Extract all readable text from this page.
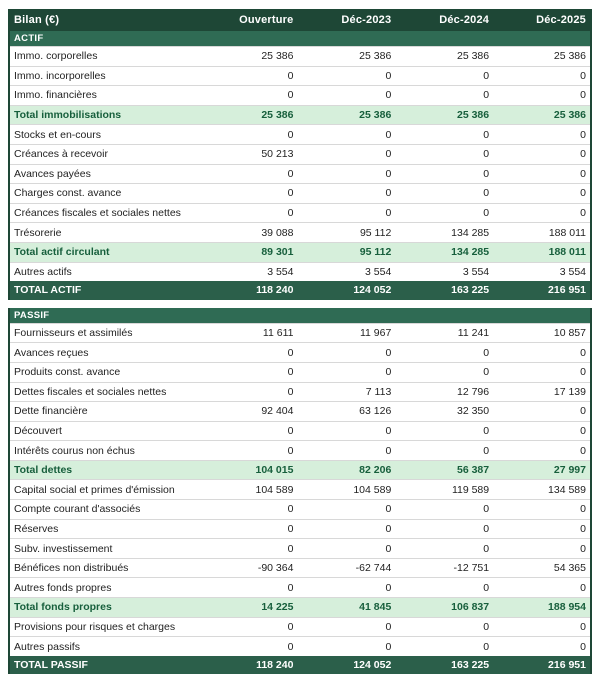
Bilan (€)	Ouverture	Déc-2023	Déc-2024	Déc-2025
ACTIF				
Immo. corporelles	25 386	25 386	25 386	25 386
Immo. incorporelles	0	0	0	0
Immo. financières	0	0	0	0
Total immobilisations	25 386	25 386	25 386	25 386
Stocks et en-cours	0	0	0	0
Créances à recevoir	50 213	0	0	0
Avances payées	0	0	0	0
Charges const. avance	0	0	0	0
Créances fiscales et sociales nettes	0	0	0	0
Trésorerie	39 088	95 112	134 285	188 011
Total actif circulant	89 301	95 112	134 285	188 011
Autres actifs	3 554	3 554	3 554	3 554
TOTAL ACTIF	118 240	124 052	163 225	216 951
PASSIF				
Fournisseurs et assimilés	11 611	11 967	11 241	10 857
Avances reçues	0	0	0	0
Produits const. avance	0	0	0	0
Dettes fiscales et sociales nettes	0	7 113	12 796	17 139
Dette financière	92 404	63 126	32 350	0
Découvert	0	0	0	0
Intérêts courus non échus	0	0	0	0
Total dettes	104 015	82 206	56 387	27 997
Capital social et primes d'émission	104 589	104 589	119 589	134 589
Compte courant d'associés	0	0	0	0
Réserves	0	0	0	0
Subv. investissement	0	0	0	0
Bénéfices non distribués	-90 364	-62 744	-12 751	54 365
Autres fonds propres	0	0	0	0
Total fonds propres	14 225	41 845	106 837	188 954
Provisions pour risques et charges	0	0	0	0
Autres passifs	0	0	0	0
TOTAL PASSIF	118 240	124 052	163 225	216 951
